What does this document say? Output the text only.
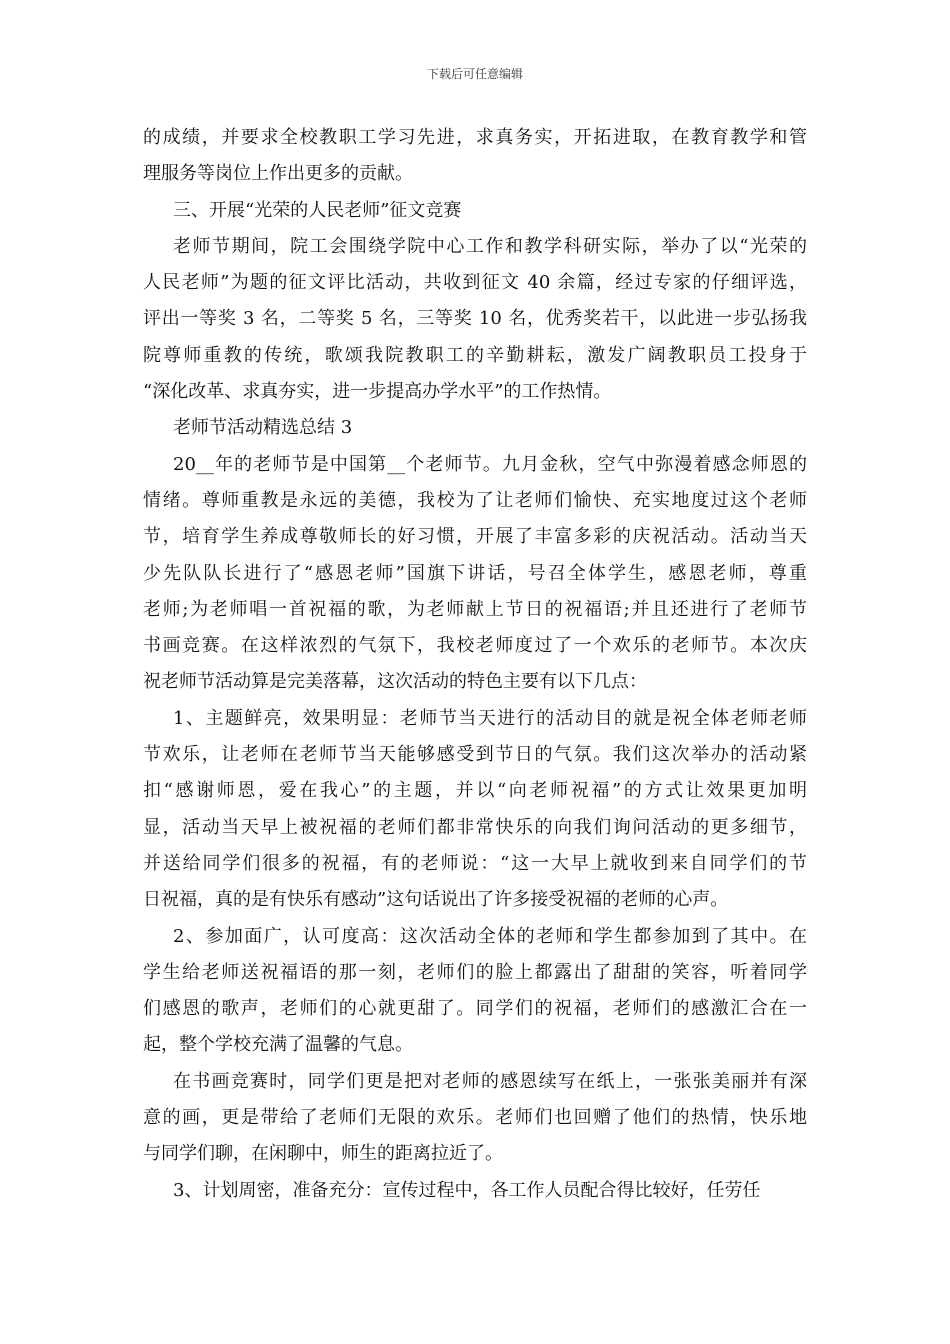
下载后可任意编辑
的成绩，并要求全校教职工学习先进，求真务实，开拓进取，在教育教学和管
理服务等岗位上作出更多的贡献。
三、开展“光荣的人民老师”征文竞赛
老师节期间，院工会围绕学院中心工作和教学科研实际，举办了以“光荣的
人民老师”为题的征文评比活动，共收到征文 40 余篇，经过专家的仔细评选，
评出一等奖 3 名，二等奖 5 名，三等奖 10 名，优秀奖若干，以此进一步弘扬我
院尊师重教的传统，歌颂我院教职工的辛勤耕耘，激发广阔教职员工投身于
“深化改革、求真夯实，进一步提高办学水平”的工作热情。
老师节活动精选总结 3
20__年的老师节是中国第__个老师节。九月金秋，空气中弥漫着感念师恩的
情绪。尊师重教是永远的美德，我校为了让老师们愉快、充实地度过这个老师
节，培育学生养成尊敬师长的好习惯，开展了丰富多彩的庆祝活动。活动当天
少先队队长进行了“感恩老师”国旗下讲话，号召全体学生，感恩老师，尊重
老师;为老师唱一首祝福的歌，为老师献上节日的祝福语;并且还进行了老师节
书画竞赛。在这样浓烈的气氛下，我校老师度过了一个欢乐的老师节。本次庆
祝老师节活动算是完美落幕，这次活动的特色主要有以下几点：
1、主题鲜亮，效果明显：老师节当天进行的活动目的就是祝全体老师老师
节欢乐，让老师在老师节当天能够感受到节日的气氛。我们这次举办的活动紧
扣“感谢师恩，爱在我心”的主题，并以“向老师祝福”的方式让效果更加明
显，活动当天早上被祝福的老师们都非常快乐的向我们询问活动的更多细节，
并送给同学们很多的祝福，有的老师说：“这一大早上就收到来自同学们的节
日祝福，真的是有快乐有感动”这句话说出了许多接受祝福的老师的心声。
2、参加面广，认可度高：这次活动全体的老师和学生都参加到了其中。在
学生给老师送祝福语的那一刻，老师们的脸上都露出了甜甜的笑容，听着同学
们感恩的歌声，老师们的心就更甜了。同学们的祝福，老师们的感激汇合在一
起，整个学校充满了温馨的气息。
在书画竞赛时，同学们更是把对老师的感恩续写在纸上，一张张美丽并有深
意的画，更是带给了老师们无限的欢乐。老师们也回赠了他们的热情，快乐地
与同学们聊，在闲聊中，师生的距离拉近了。
3、计划周密，准备充分：宣传过程中，各工作人员配合得比较好，任劳任
